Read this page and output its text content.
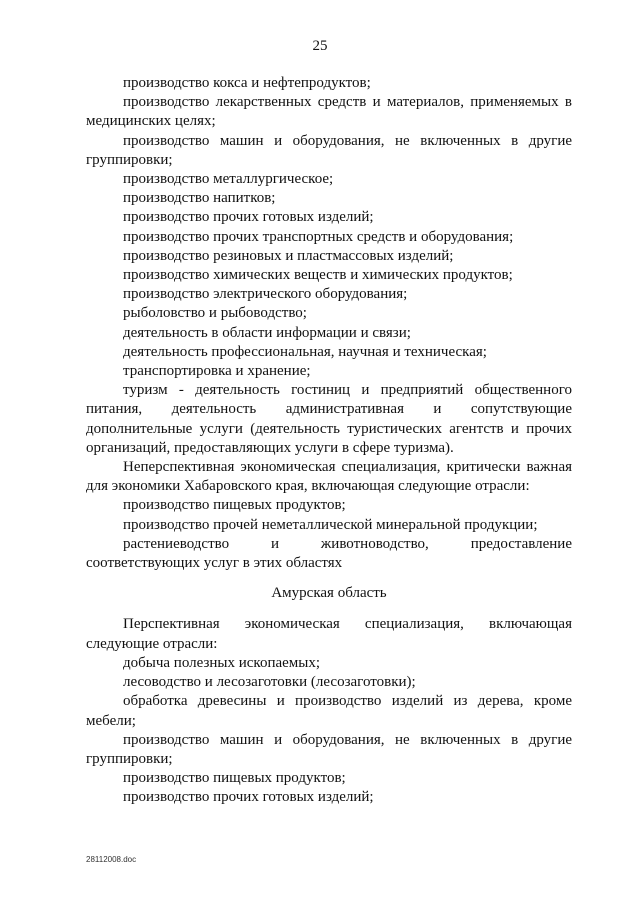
25

производство кокса и нефтепродуктов;

производство лекарственных средств и материалов, применяемых в медицинских целях;

производство машин и оборудования, не включенных в другие группировки;

производство металлургическое;

производство напитков;

производство прочих готовых изделий;

производство прочих транспортных средств и оборудования;

производство резиновых и пластмассовых изделий;

производство химических веществ и химических продуктов;

производство электрического оборудования;

рыболовство и рыбоводство;

деятельность в области информации и связи;

деятельность профессиональная, научная и техническая;

транспортировка и хранение;

туризм - деятельность гостиниц и предприятий общественного питания, деятельность административная и сопутствующие дополнительные услуги (деятельность туристических агентств и прочих организаций, предоставляющих услуги в сфере туризма).

Неперспективная экономическая специализация, критически важная для экономики Хабаровского края, включающая следующие отрасли:

производство пищевых продуктов;

производство прочей неметаллической минеральной продукции;

растениеводство и животноводство, предоставление соответствующих услуг в этих областях

Амурская область

Перспективная экономическая специализация, включающая следующие отрасли:

добыча полезных ископаемых;

лесоводство и лесозаготовки (лесозаготовки);

обработка древесины и производство изделий из дерева, кроме мебели;

производство машин и оборудования, не включенных в другие группировки;

производство пищевых продуктов;

производство прочих готовых изделий;

28112008.doc
